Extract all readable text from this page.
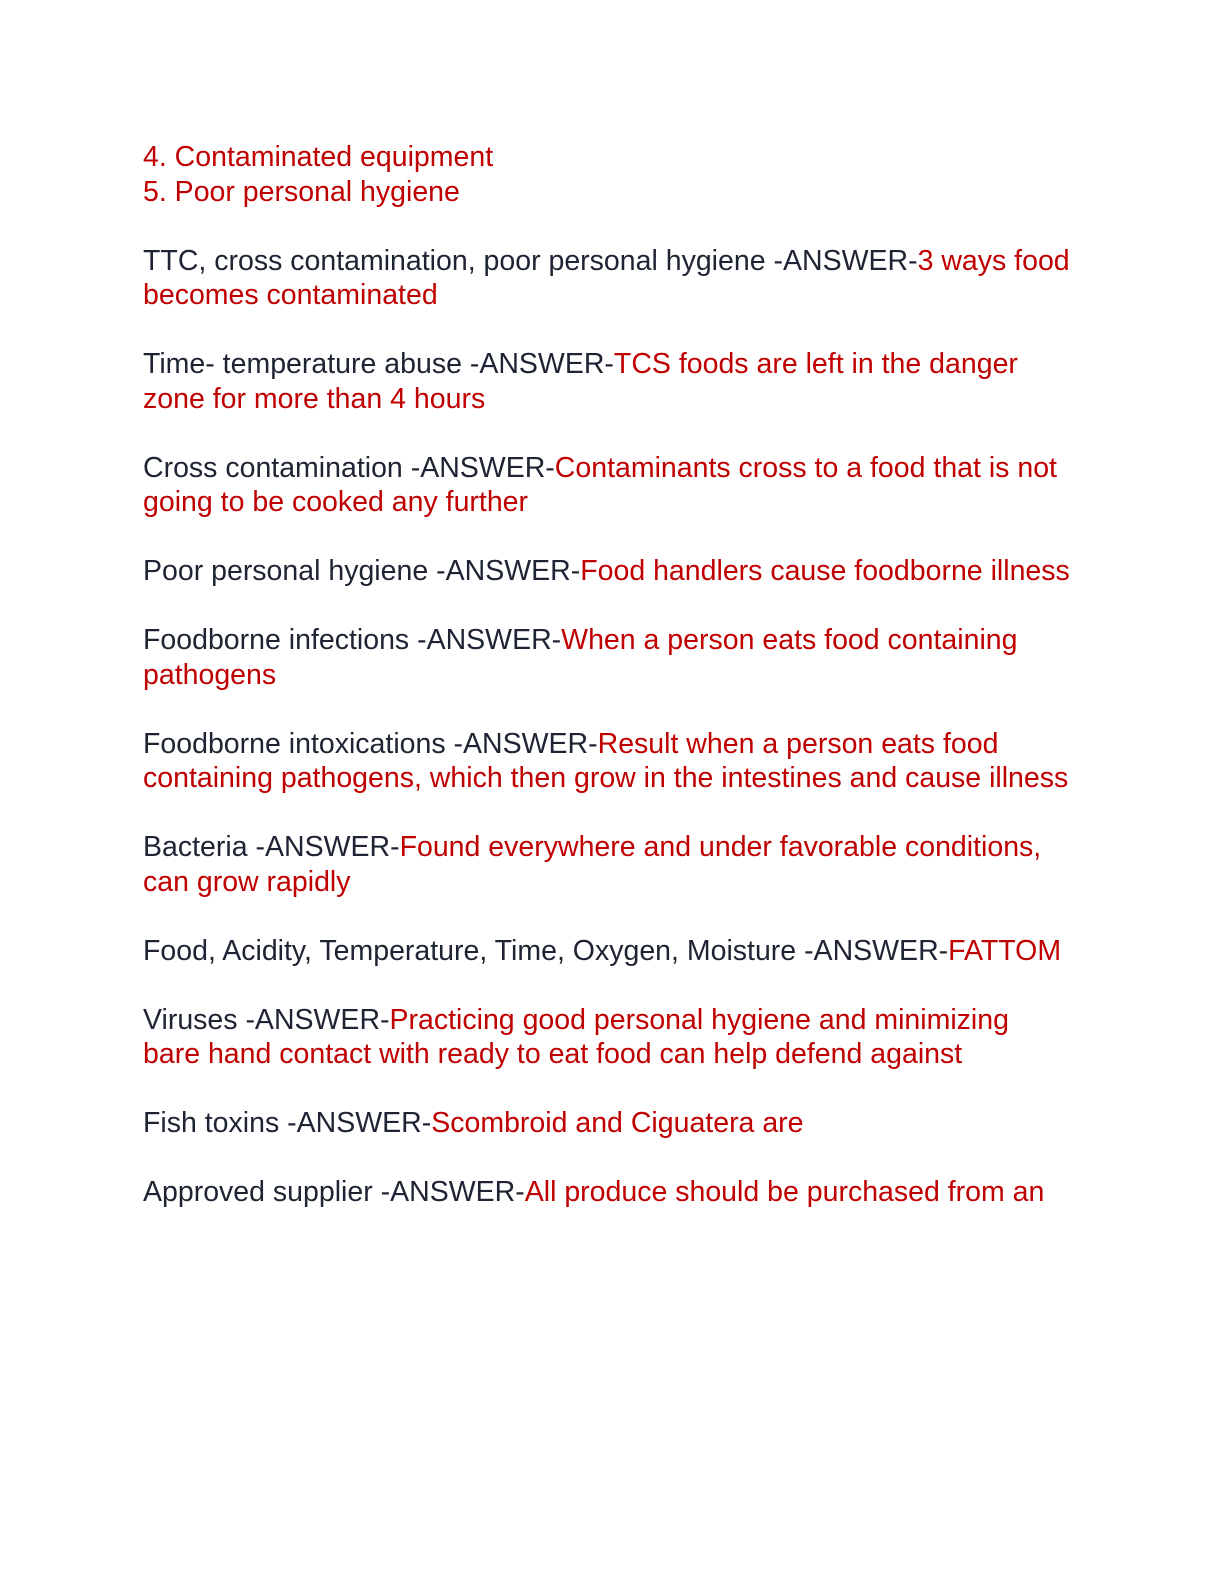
4. Contaminated equipment

5. Poor personal hygiene

TTC, cross contamination, poor personal hygiene -ANSWER-3 ways food becomes contaminated
Time- temperature abuse -ANSWER-TCS foods are left in the danger zone for more than 4 hours
Cross contamination -ANSWER-Contaminants cross to a food that is not going to be cooked any further
Poor personal hygiene -ANSWER-Food handlers cause foodborne illness
Foodborne infections -ANSWER-When a person eats food containing pathogens
Foodborne intoxications -ANSWER-Result when a person eats food containing pathogens, which then grow in the intestines and cause illness
Bacteria -ANSWER-Found everywhere and under favorable conditions, can grow rapidly
Food, Acidity, Temperature, Time, Oxygen, Moisture -ANSWER-FATTOM
Viruses -ANSWER-Practicing good personal hygiene and minimizing bare hand contact with ready to eat food can help defend against
Fish toxins -ANSWER-Scombroid and Ciguatera are
Approved supplier -ANSWER-All produce should be purchased from an
